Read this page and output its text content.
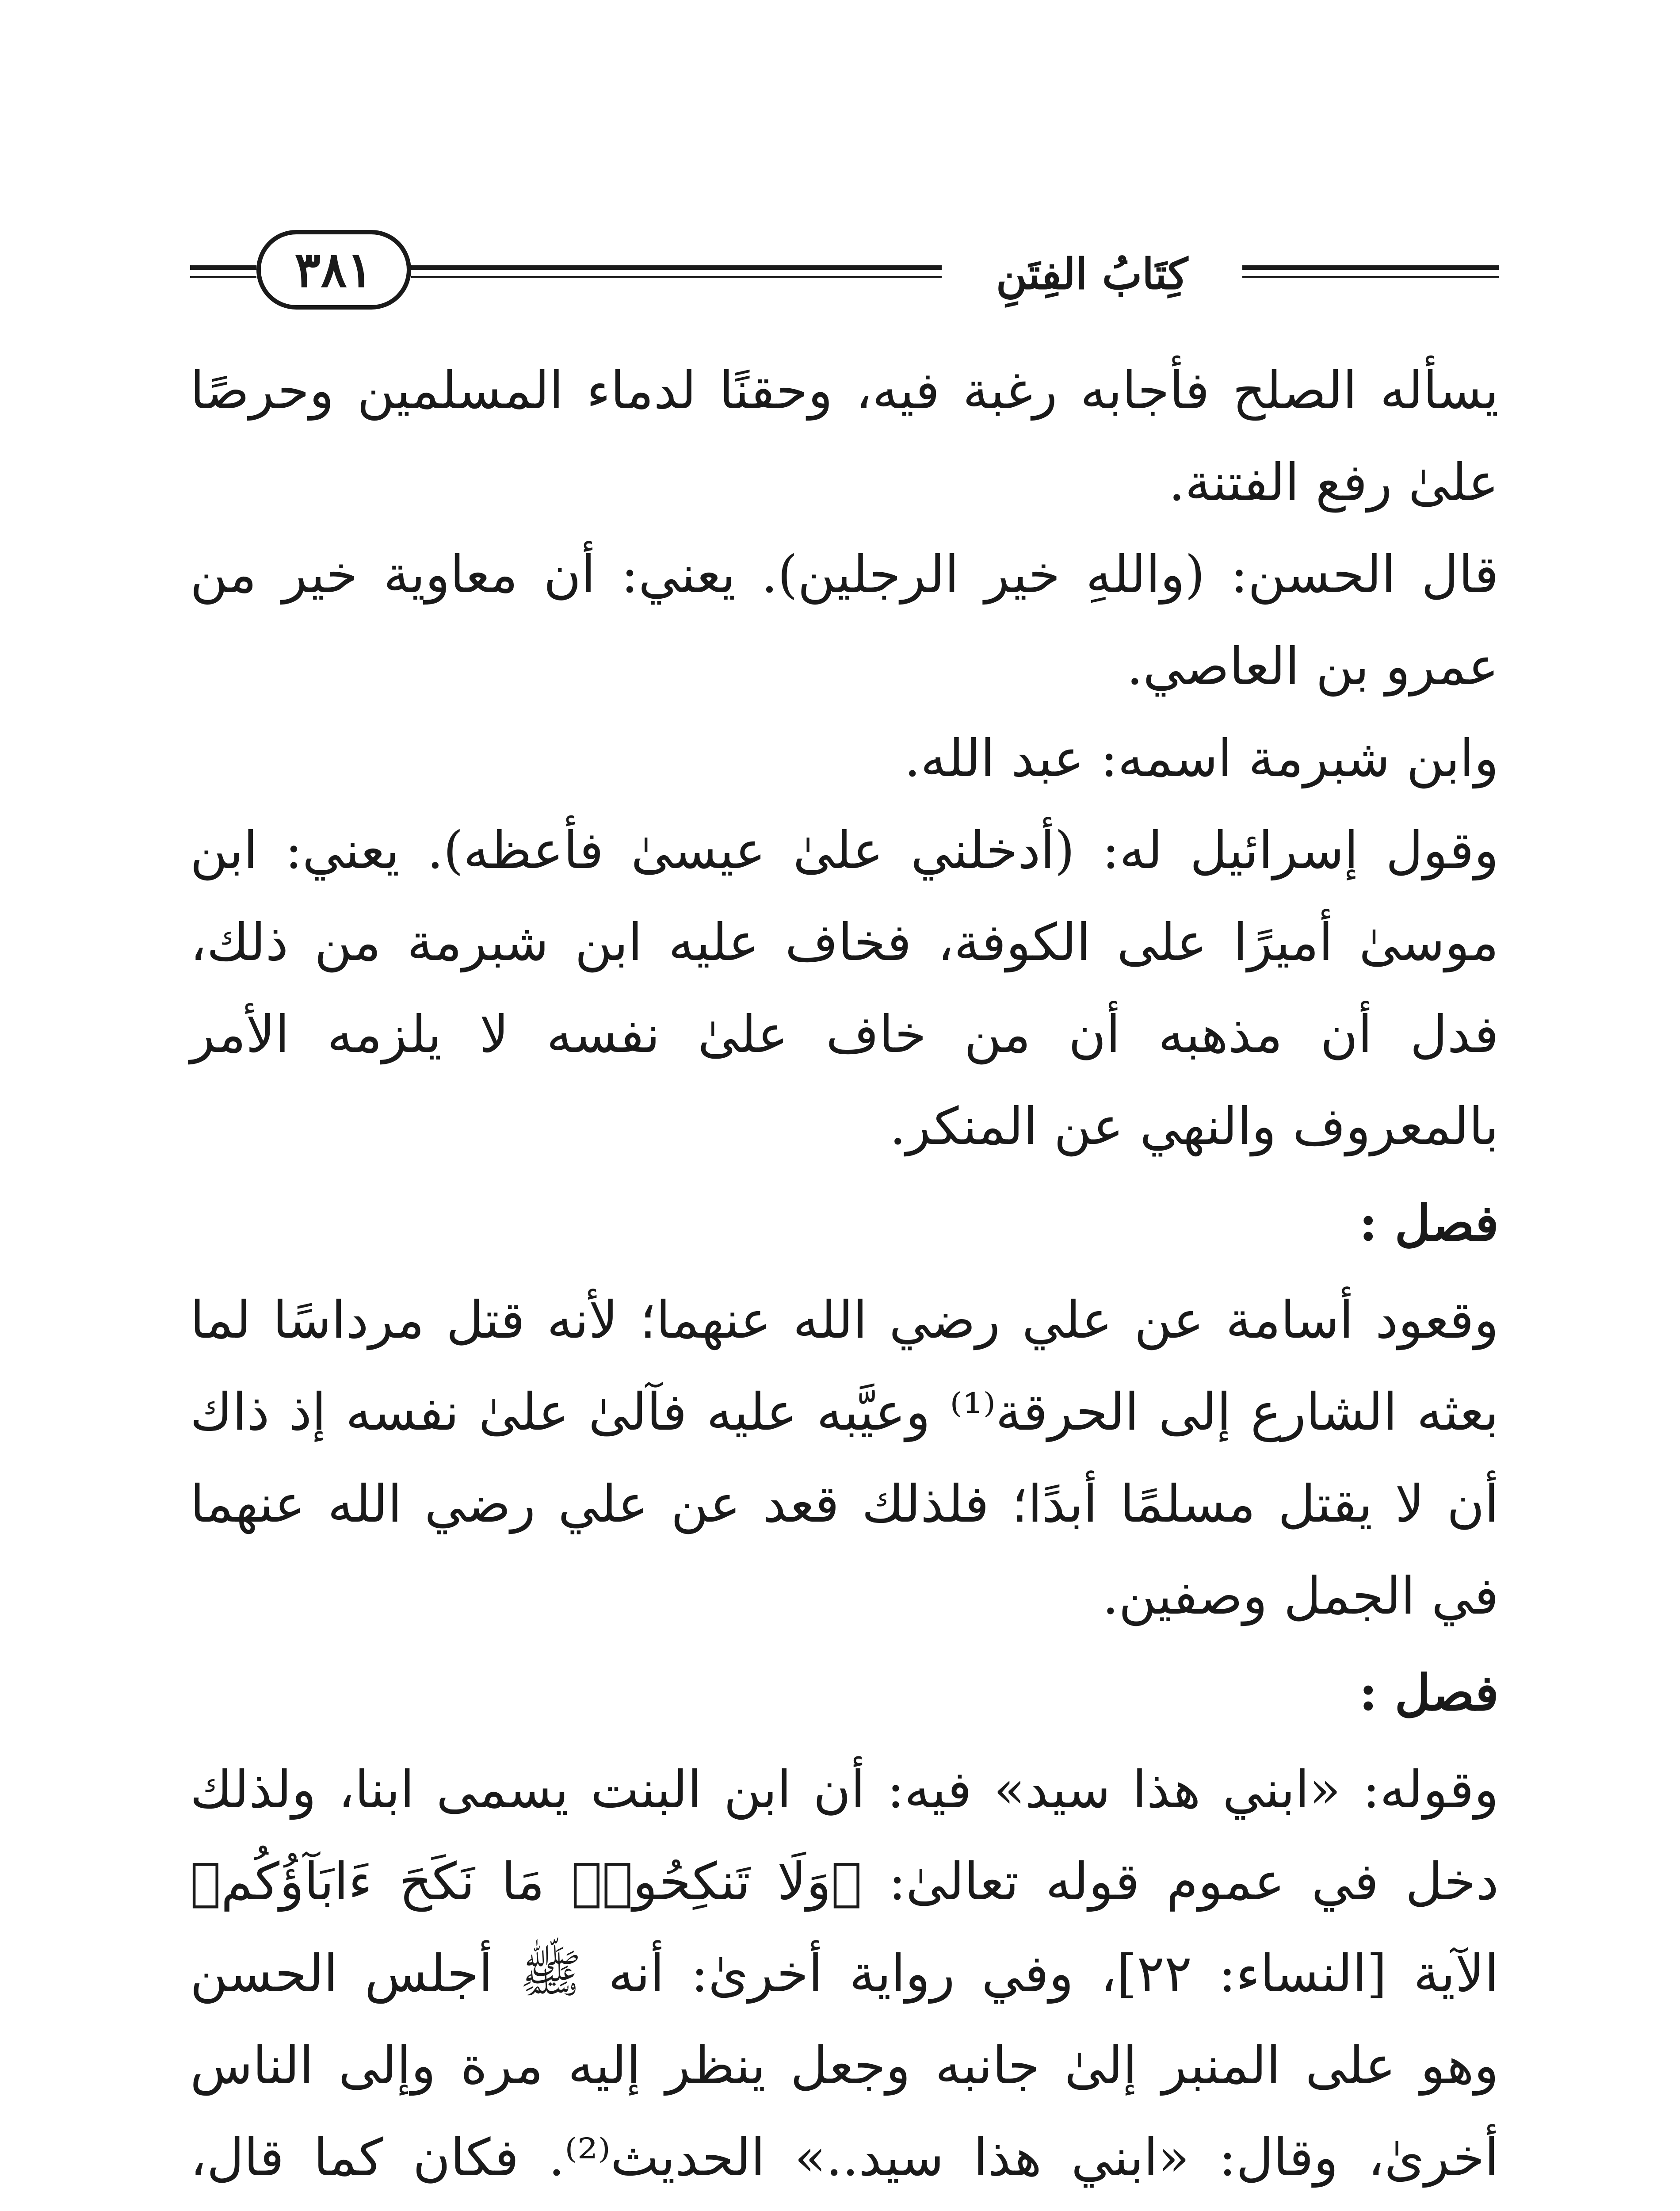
كِتَابُ الفِتَنِ
٣٨١

يسأله الصلح فأجابه رغبة فيه، وحقنًا لدماء المسلمين وحرصًا علىٰ رفع الفتنة.

قال الحسن: (واللهِ خير الرجلين). يعني: أن معاوية خير من عمرو بن العاصي.

وابن شبرمة اسمه: عبد الله.

وقول إسرائيل له: (أدخلني علىٰ عيسىٰ فأعظه). يعني: ابن موسىٰ أميرًا على الكوفة، فخاف عليه ابن شبرمة من ذلك، فدل أن مذهبه أن من خاف علىٰ نفسه لا يلزمه الأمر بالمعروف والنهي عن المنكر.

فصل :

وقعود أسامة عن علي رضي الله عنهما؛ لأنه قتل مرداسًا لما بعثه الشارع إلى الحرقة⁽¹⁾ وعيَّبه عليه فآلىٰ علىٰ نفسه إذ ذاك أن لا يقتل مسلمًا أبدًا؛ فلذلك قعد عن علي رضي الله عنهما في الجمل وصفين.

فصل :

وقوله: «ابني هذا سيد» فيه: أن ابن البنت يسمى ابنا، ولذلك دخل في عموم قوله تعالىٰ: ﴿وَلَا تَنكِحُوا۟ مَا نَكَحَ ءَابَآؤُكُم﴾ الآية [النساء: ٢٢]، وفي رواية أخرىٰ: أنه ﷺ أجلس الحسن وهو على المنبر إلىٰ جانبه وجعل ينظر إليه مرة وإلى الناس أخرىٰ، وقال: «ابني هذا سيد..» الحديث⁽²⁾. فكان كما قال،
